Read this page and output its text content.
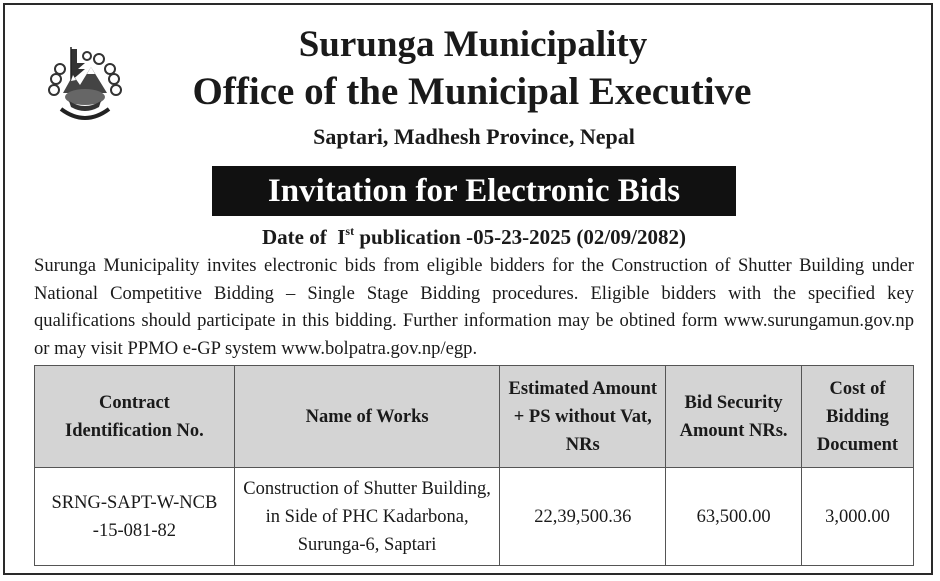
Surunga Municipality
Office of the Municipal Executive
Saptari, Madhesh Province, Nepal
Invitation for Electronic Bids
Date of  Ist publication -05-23-2025 (02/09/2082)
Surunga Municipality invites electronic bids from eligible bidders for the Construction of Shutter Building under National Competitive Bidding – Single Stage Bidding procedures. Eligible bidders with the specified key qualifications should participate in this bidding. Further information may be obtined form www.surungamun.gov.np or may visit PPMO e-GP system www.bolpatra.gov.np/egp.
Contract Identification No.	Name of Works	Estimated Amount + PS without Vat, NRs	Bid Security Amount NRs.	Cost of Bidding Document
SRNG-SAPT-W-NCB -15-081-82	Construction of Shutter Building, in Side of PHC Kadarbona, Surunga-6, Saptari	22,39,500.36	63,500.00	3,000.00
